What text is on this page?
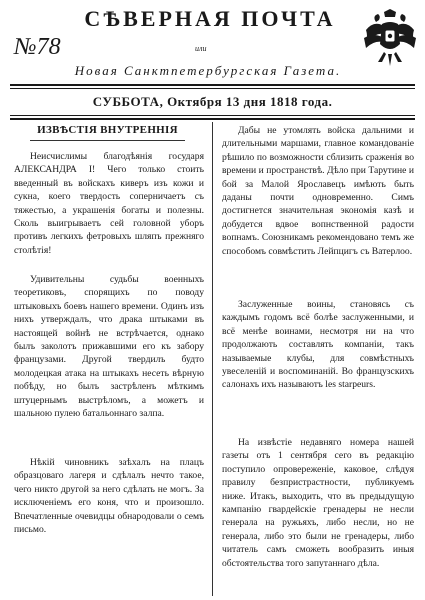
СѢВЕРНАЯ ПОЧТА
№78	или
Новая Санктпетербургская Газета.
СУББОТА, Октября 13 дня 1818 года.
ИЗВѢСТІЯ ВНУТРЕННІЯ

Неисчислимы благодѣянія государя АЛЕКСАНДРА I! Чего только стоить введенный въ войскахъ киверъ изъ кожи и сукна, коего твердость соперничаетъ съ тяжестью, а украшенія богаты и полезны. Сколь выигрываетъ сей головной уборъ противъ легкихъ фетровыхъ шляпъ прежняго столѣтія!

Удивительны судьбы военныхъ теоретиковъ, спорящихъ по поводу штыковыхъ боевъ нашего времени. Одинъ изъ нихъ утверждалъ, что драка штыками въ настоящей войнѣ не встрѣчается, однако былъ заколотъ прижавшими его къ забору французами. Другой твердилъ будто молодецкая атака на штыкахъ несеть вѣрную побѣду, но былъ застрѣленъ мѣткимъ штуцернымъ выстрѣломъ, а можетъ и шальною пулею батальоннаго залпа.

Нѣкій чиновникъ заѣхалъ на плацъ образцоваго лагеря и сдѣлалъ нечто такое, чего никто другой за него сдѣлать не могъ. За исключеніемъ его коня, что и произошло. Впечатленные очевидцы обнародовали о семъ письмо.

Дабы не утомлять войска дальними и длительными маршами, главное командованіе рѣшило по возможности сблизить сраженія во времени и пространствѣ. Дѣло при Тарутине и бой за Малой Ярославецъ имѣють быть даданы почти одновременно. Симъ достигнется значительная экономія казѣ и добудется вдвое вопнственной радости вопнамъ. Союзникамъ рекомендовано темъ же способомъ совмѣстить Лейпцигъ съ Ватерлоо.

Заслуженные воины, становясь съ каждымъ годомъ всё болѣе заслуженными, и всё менѣе воинами, несмотря ни на что продолжають составлять компаніи, такъ называемые клубы, для совмѣстныхъ увеселеній и воспоминаній. Во французскихъ салонахъ ихъ называютъ les starpeurs.

На извѣстіе недавняго номера нашей газеты отъ 1 сентября сего въ редакцію поступило опровереженіе, каковое, слѣдуя правилу безпристрастности, публикуемъ ниже. Итакъ, выходить, что въ предыдущую кампанію гвардейскіе гренадеры не несли генерала на ружьяхъ, либо несли, но не генерала, либо это были не гренадеры, либо читатель самъ сможеть вообразить иныя обстоятельства того запутаннаго дѣла.
